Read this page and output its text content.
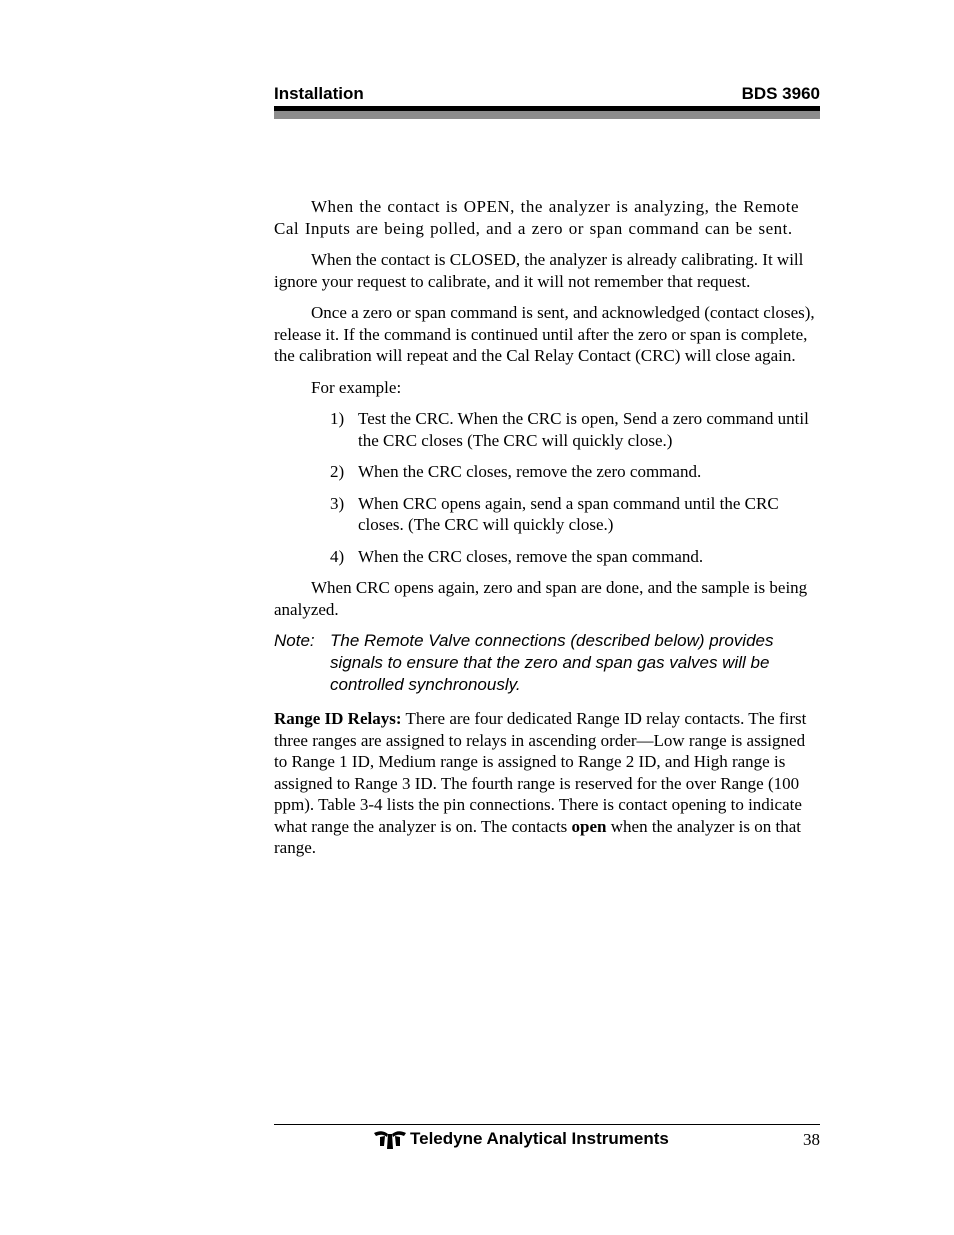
Installation	BDS 3960

When the contact is OPEN, the analyzer is analyzing, the Remote Cal Inputs are being polled, and a zero or span command can be sent.

When the contact is CLOSED, the analyzer is already calibrating. It will ignore your request to calibrate, and it will not remember that request.

Once a zero or span command is sent, and acknowledged (contact closes), release it. If the command is continued until after the zero or span is complete, the calibration will repeat and the Cal Relay Contact (CRC) will close again.

For example:

1) Test the CRC. When the CRC is open, Send a zero command until the CRC closes (The CRC will quickly close.)
2) When the CRC closes, remove the zero command.
3) When CRC opens again, send a span command until the CRC closes. (The CRC will quickly close.)
4) When the CRC closes, remove the span command.

When CRC opens again, zero and span are done, and the sample is being analyzed.

Note: The Remote Valve connections (described below) provides signals to ensure that the zero and span gas valves will be controlled synchronously.

Range ID Relays: There are four dedicated Range ID relay contacts. The first three ranges are assigned to relays in ascending order—Low range is assigned to Range 1 ID, Medium range is assigned to Range 2 ID, and High range is assigned to Range 3 ID. The fourth range is reserved for the over Range (100 ppm). Table 3-4 lists the pin connections. There is contact opening to indicate what range the analyzer is on. The contacts open when the analyzer is on that range.

Teledyne Analytical Instruments	38
